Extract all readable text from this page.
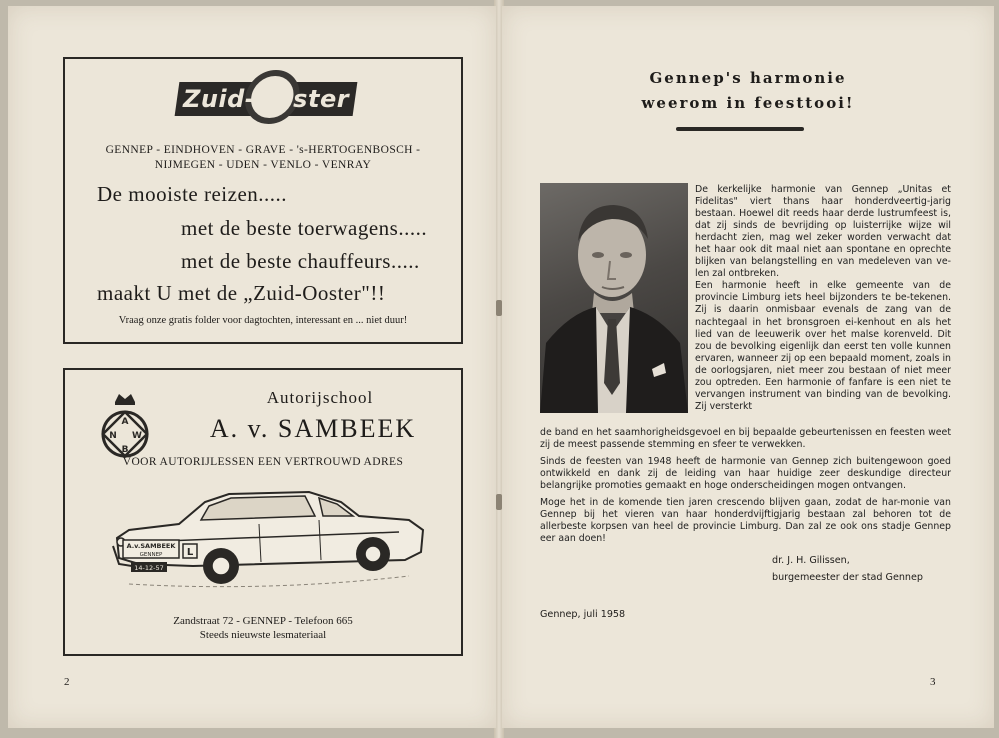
Zuid-Ooster
GENNEP - EINDHOVEN - GRAVE - 's-HERTOGENBOSCH -
NIJMEGEN - UDEN - VENLO - VENRAY
De mooiste reizen.....
met de beste toerwagens.....
met de beste chauffeurs.....
maakt U met de „Zuid-Ooster"!!
Vraag onze gratis folder voor dagtochten, interessant en ... niet duur!
A
N W
B
Autorijschool
A. v. SAMBEEK
VOOR AUTORIJLESSEN EEN VERTROUWD ADRES
A.v.SAMBEEK
GENNEP
14-12-57
L
Zandstraat 72 - GENNEP - Telefoon 665
Steeds nieuwste lesmateriaal
2
Gennep's harmonie
weerom in feesttooi!

De kerkelijke harmonie van Gennep „Unitas et Fidelitas" viert thans haar honderdveertig-jarig bestaan. Hoewel dit reeds haar derde lustrumfeest is, dat zij sinds de bevrijding op luisterrijke wijze wil herdacht zien, mag wel zeker worden verwacht dat het haar ook dit maal niet aan spontane en oprechte blijken van belangstelling en van medeleven van ve-len zal ontbreken.

Een harmonie heeft in elke gemeente van de provincie Limburg iets heel bijzonders te be-tekenen. Zij is daarin onmisbaar evenals de zang van de nachtegaal in het bronsgroen ei-kenhout en als het lied van de leeuwerik over het malse korenveld. Dit zou de bevolking eigenlijk dan eerst ten volle kunnen ervaren, wanneer zij op een bepaald moment, zoals in de oorlogsjaren, niet meer zou bestaan of niet meer zou optreden. Een harmonie of fanfare is een niet te vervangen instrument van binding van de bevolking. Zij versterkt

de band en het saamhorigheidsgevoel en bij bepaalde gebeurtenissen en feesten weet zij de meest passende stemming en sfeer te verwekken.

Sinds de feesten van 1948 heeft de harmonie van Gennep zich buitengewoon goed ontwikkeld en dank zij de leiding van haar huidige zeer deskundige directeur belangrijke promoties gemaakt en hoge onderscheidingen mogen ontvangen.

Moge het in de komende tien jaren crescendo blijven gaan, zodat de har-monie van Gennep bij het vieren van haar honderdvijftigjarig bestaan zal behoren tot de allerbeste korpsen van heel de provincie Limburg. Dan zal ze ook ons stadje Gennep eer aan doen!

dr. J. H. Gilissen,
burgemeester der stad Gennep
Gennep, juli 1958
3
